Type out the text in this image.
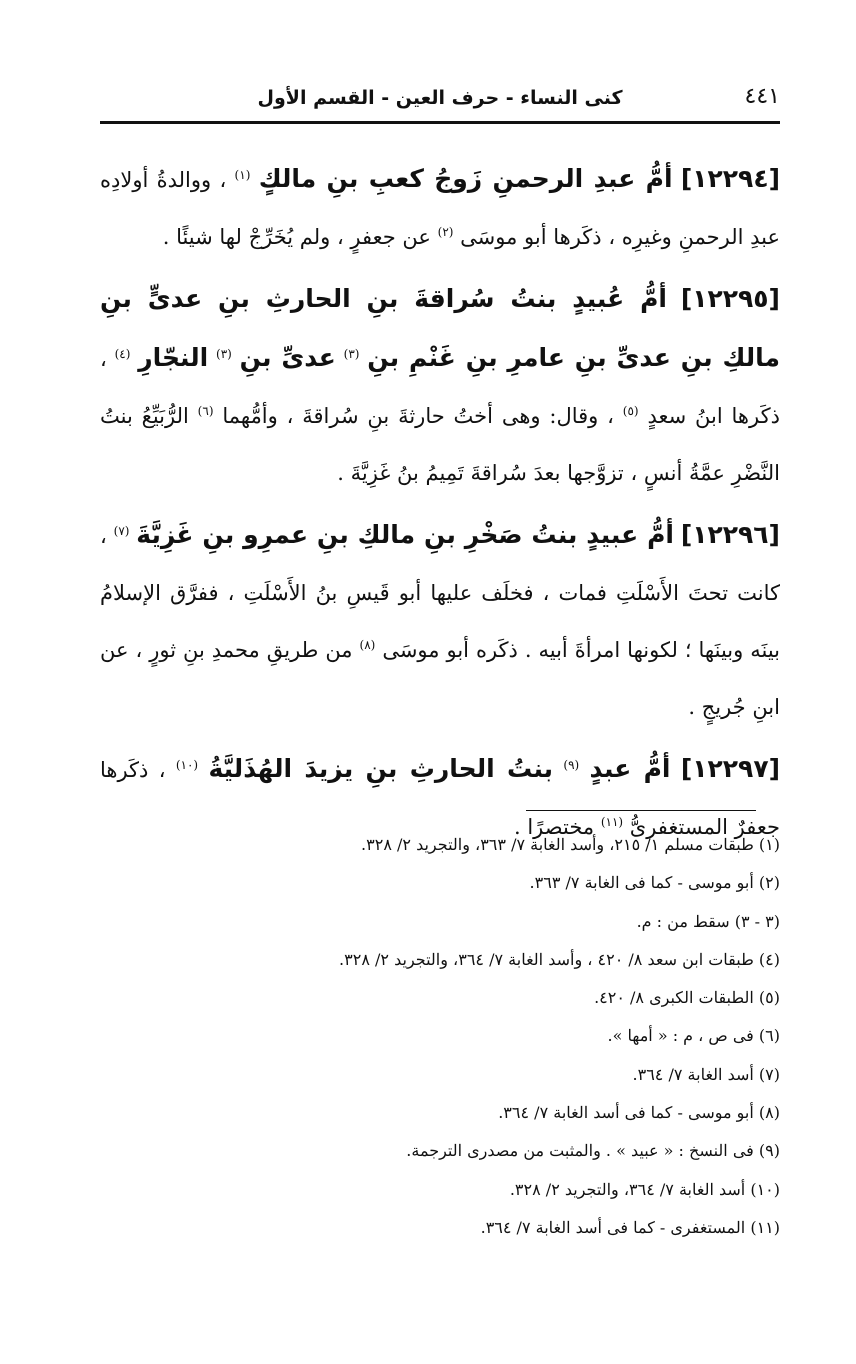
٤٤١
كنى النساء - حرف العين - القسم الأول

[١٢٢٩٤] أمُّ عبدِ الرحمنِ زَوجُ كعبِ بنِ مالكٍ $^{(١)}$ ، ووالدةُ أولادِه عبدِ الرحمنِ وغيرِه ، ذكَرها أبو موسَى $^{(٢)}$ عن جعفرٍ ، ولم يُخَرِّجْ لها شيئًا .

[١٢٢٩٥] أمُّ عُبيدٍ بنتُ سُراقةَ بنِ الحارثِ بنِ عدىٍّ بنِ مالكِ بنِ عدىِّ بنِ عامرِ بنِ غَنْمِ بنِ $^{(٣)}$ عدىِّ بنِ $^{(٣)}$ النجّارِ $^{(٤)}$ ، ذكَرها ابنُ سعدٍ $^{(٥)}$ ، وقال: وهى أختُ حارثةَ بنِ سُراقةَ ، وأمُّهما $^{(٦)}$ الرُّبَيِّعُ بنتُ النَّضْرِ عمَّةُ أنسٍ ، تزوَّجها بعدَ سُراقةَ تَمِيمُ بنُ غَزِيَّةَ .

[١٢٢٩٦] أمُّ عبيدٍ بنتُ صَخْرِ بنِ مالكِ بنِ عمرِو بنِ غَزِيَّةَ $^{(٧)}$ ، كانت تحتَ الأَسْلَتِ فمات ، فخلَف عليها أبو قَيسِ بنُ الأَسْلَتِ ، ففرَّق الإسلامُ بينَه وبينَها ؛ لكونها امرأةَ أبيه . ذكَره أبو موسَى $^{(٨)}$ من طريقِ محمدِ بنِ ثورٍ ، عن ابنِ جُريجٍ .

[١٢٢٩٧] أمُّ عبدٍ $^{(٩)}$ بنتُ الحارثِ بنِ يزيدَ الهُذَليَّةُ $^{(١٠)}$ ، ذكَرها جعفرٌ المستغفرىُّ $^{(١١)}$ مختصرًا .

(١) طبقات مسلم ١/ ٢١٥، وأسد الغابة ٧/ ٣٦٣، والتجريد ٢/ ٣٢٨.
(٢) أبو موسى - كما فى الغابة ٧/ ٣٦٣.
(٣ - ٣) سقط من : م.
(٤) طبقات ابن سعد ٨/ ٤٢٠ ، وأسد الغابة ٧/ ٣٦٤، والتجريد ٢/ ٣٢٨.
(٥) الطبقات الكبرى ٨/ ٤٢٠.
(٦) فى ص ، م : « أمها ».
(٧) أسد الغابة ٧/ ٣٦٤.
(٨) أبو موسى - كما فى أسد الغابة ٧/ ٣٦٤.
(٩) فى النسخ : « عبيد » . والمثبت من مصدرى الترجمة.
(١٠) أسد الغابة ٧/ ٣٦٤، والتجريد ٢/ ٣٢٨.
(١١) المستغفرى - كما فى أسد الغابة ٧/ ٣٦٤.
